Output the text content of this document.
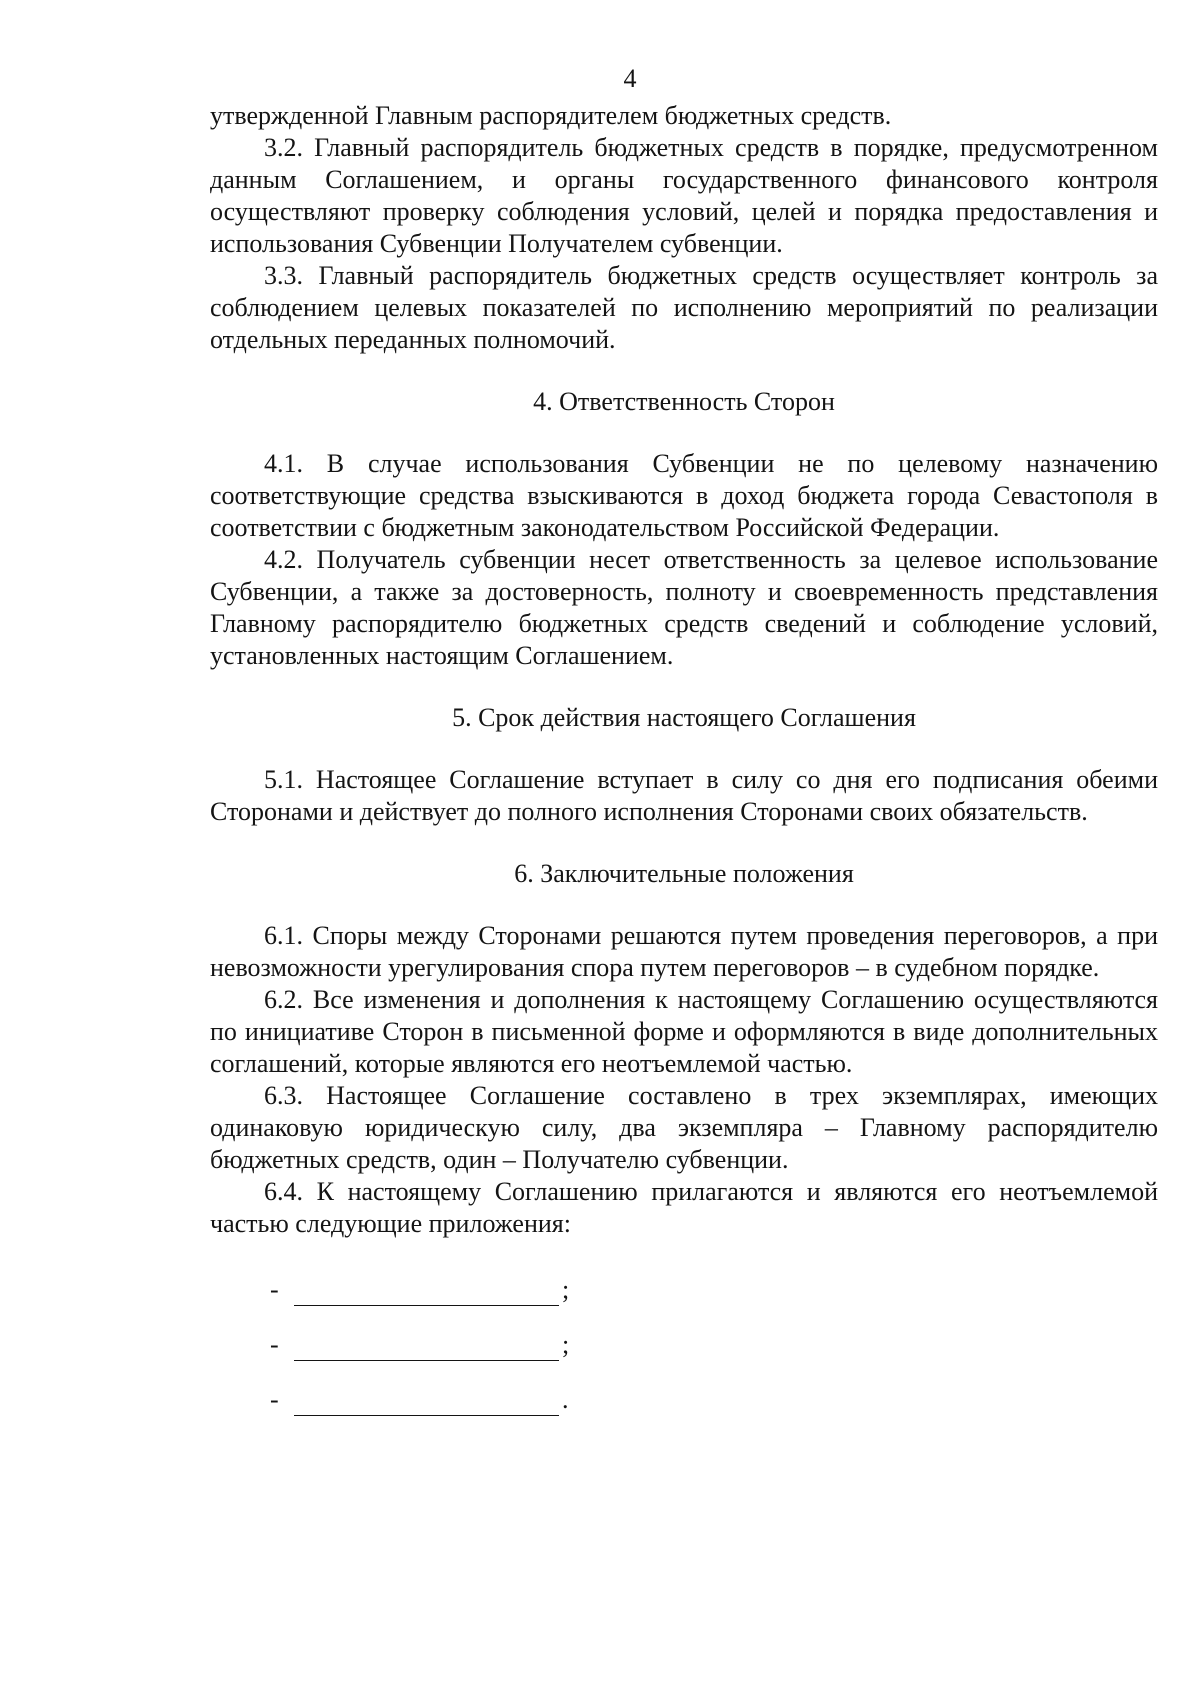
4

утвержденной Главным распорядителем бюджетных средств.

3.2. Главный распорядитель бюджетных средств в порядке, предусмотренном данным Соглашением, и органы государственного финансового контроля осуществляют проверку соблюдения условий, целей и порядка предоставления и использования Субвенции Получателем субвенции.

3.3. Главный распорядитель бюджетных средств осуществляет контроль за соблюдением целевых показателей по исполнению мероприятий по реализации отдельных переданных полномочий.

4. Ответственность Сторон

4.1. В случае использования Субвенции не по целевому назначению соответствующие средства взыскиваются в доход бюджета города Севастополя в соответствии с бюджетным законодательством Российской Федерации.

4.2. Получатель субвенции несет ответственность за целевое использование Субвенции, а также за достоверность, полноту и своевременность представления Главному распорядителю бюджетных средств сведений и соблюдение условий, установленных настоящим Соглашением.

5. Срок действия настоящего Соглашения

5.1. Настоящее Соглашение вступает в силу со дня его подписания обеими Сторонами и действует до полного исполнения Сторонами своих обязательств.

6. Заключительные положения

6.1. Споры между Сторонами решаются путем проведения переговоров, а при невозможности урегулирования спора путем переговоров – в судебном порядке.

6.2. Все изменения и дополнения к настоящему Соглашению осуществляются по инициативе Сторон в письменной форме и оформляются в виде дополнительных соглашений, которые являются его неотъемлемой частью.

6.3. Настоящее Соглашение составлено в трех экземплярах, имеющих одинаковую юридическую силу, два экземпляра – Главному распорядителю бюджетных средств, один – Получателю субвенции.

6.4. К настоящему Соглашению прилагаются и являются его неотъемлемой частью следующие приложения:

-	;
-	;
-	.
